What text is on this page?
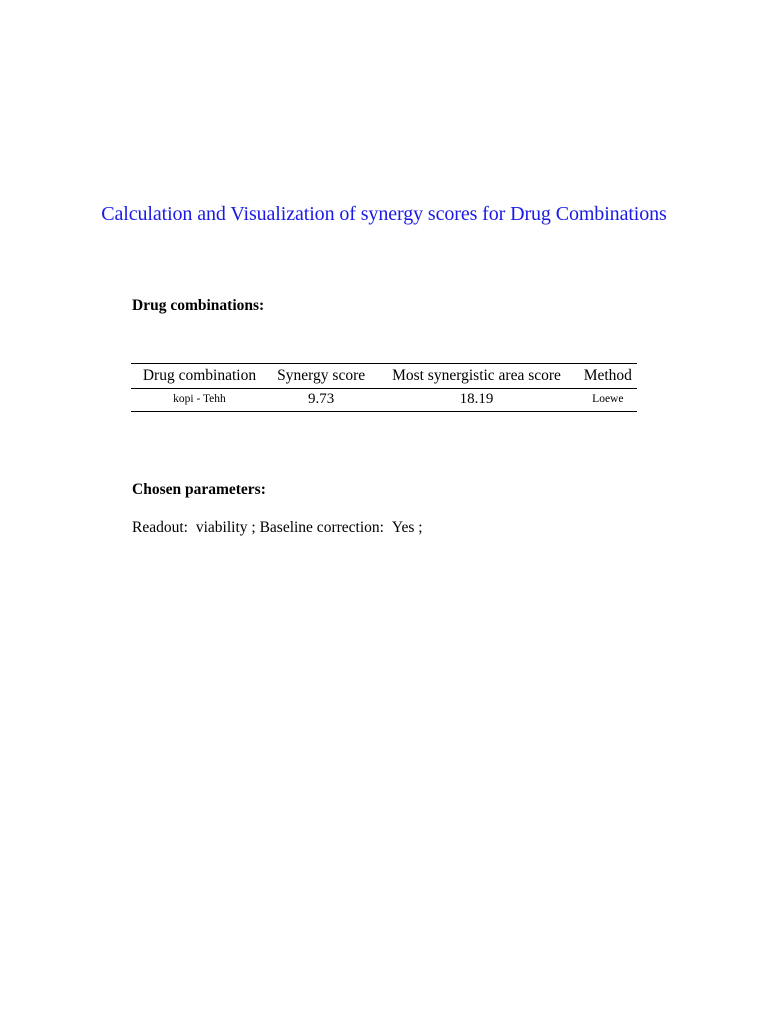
Calculation and Visualization of synergy scores for Drug Combinations
Drug combinations:
Drug combination	Synergy score	Most synergistic area score	Method
kopi - Tehh	9.73	18.19	Loewe
Chosen parameters:
Readout: viability ; Baseline correction: Yes ;
